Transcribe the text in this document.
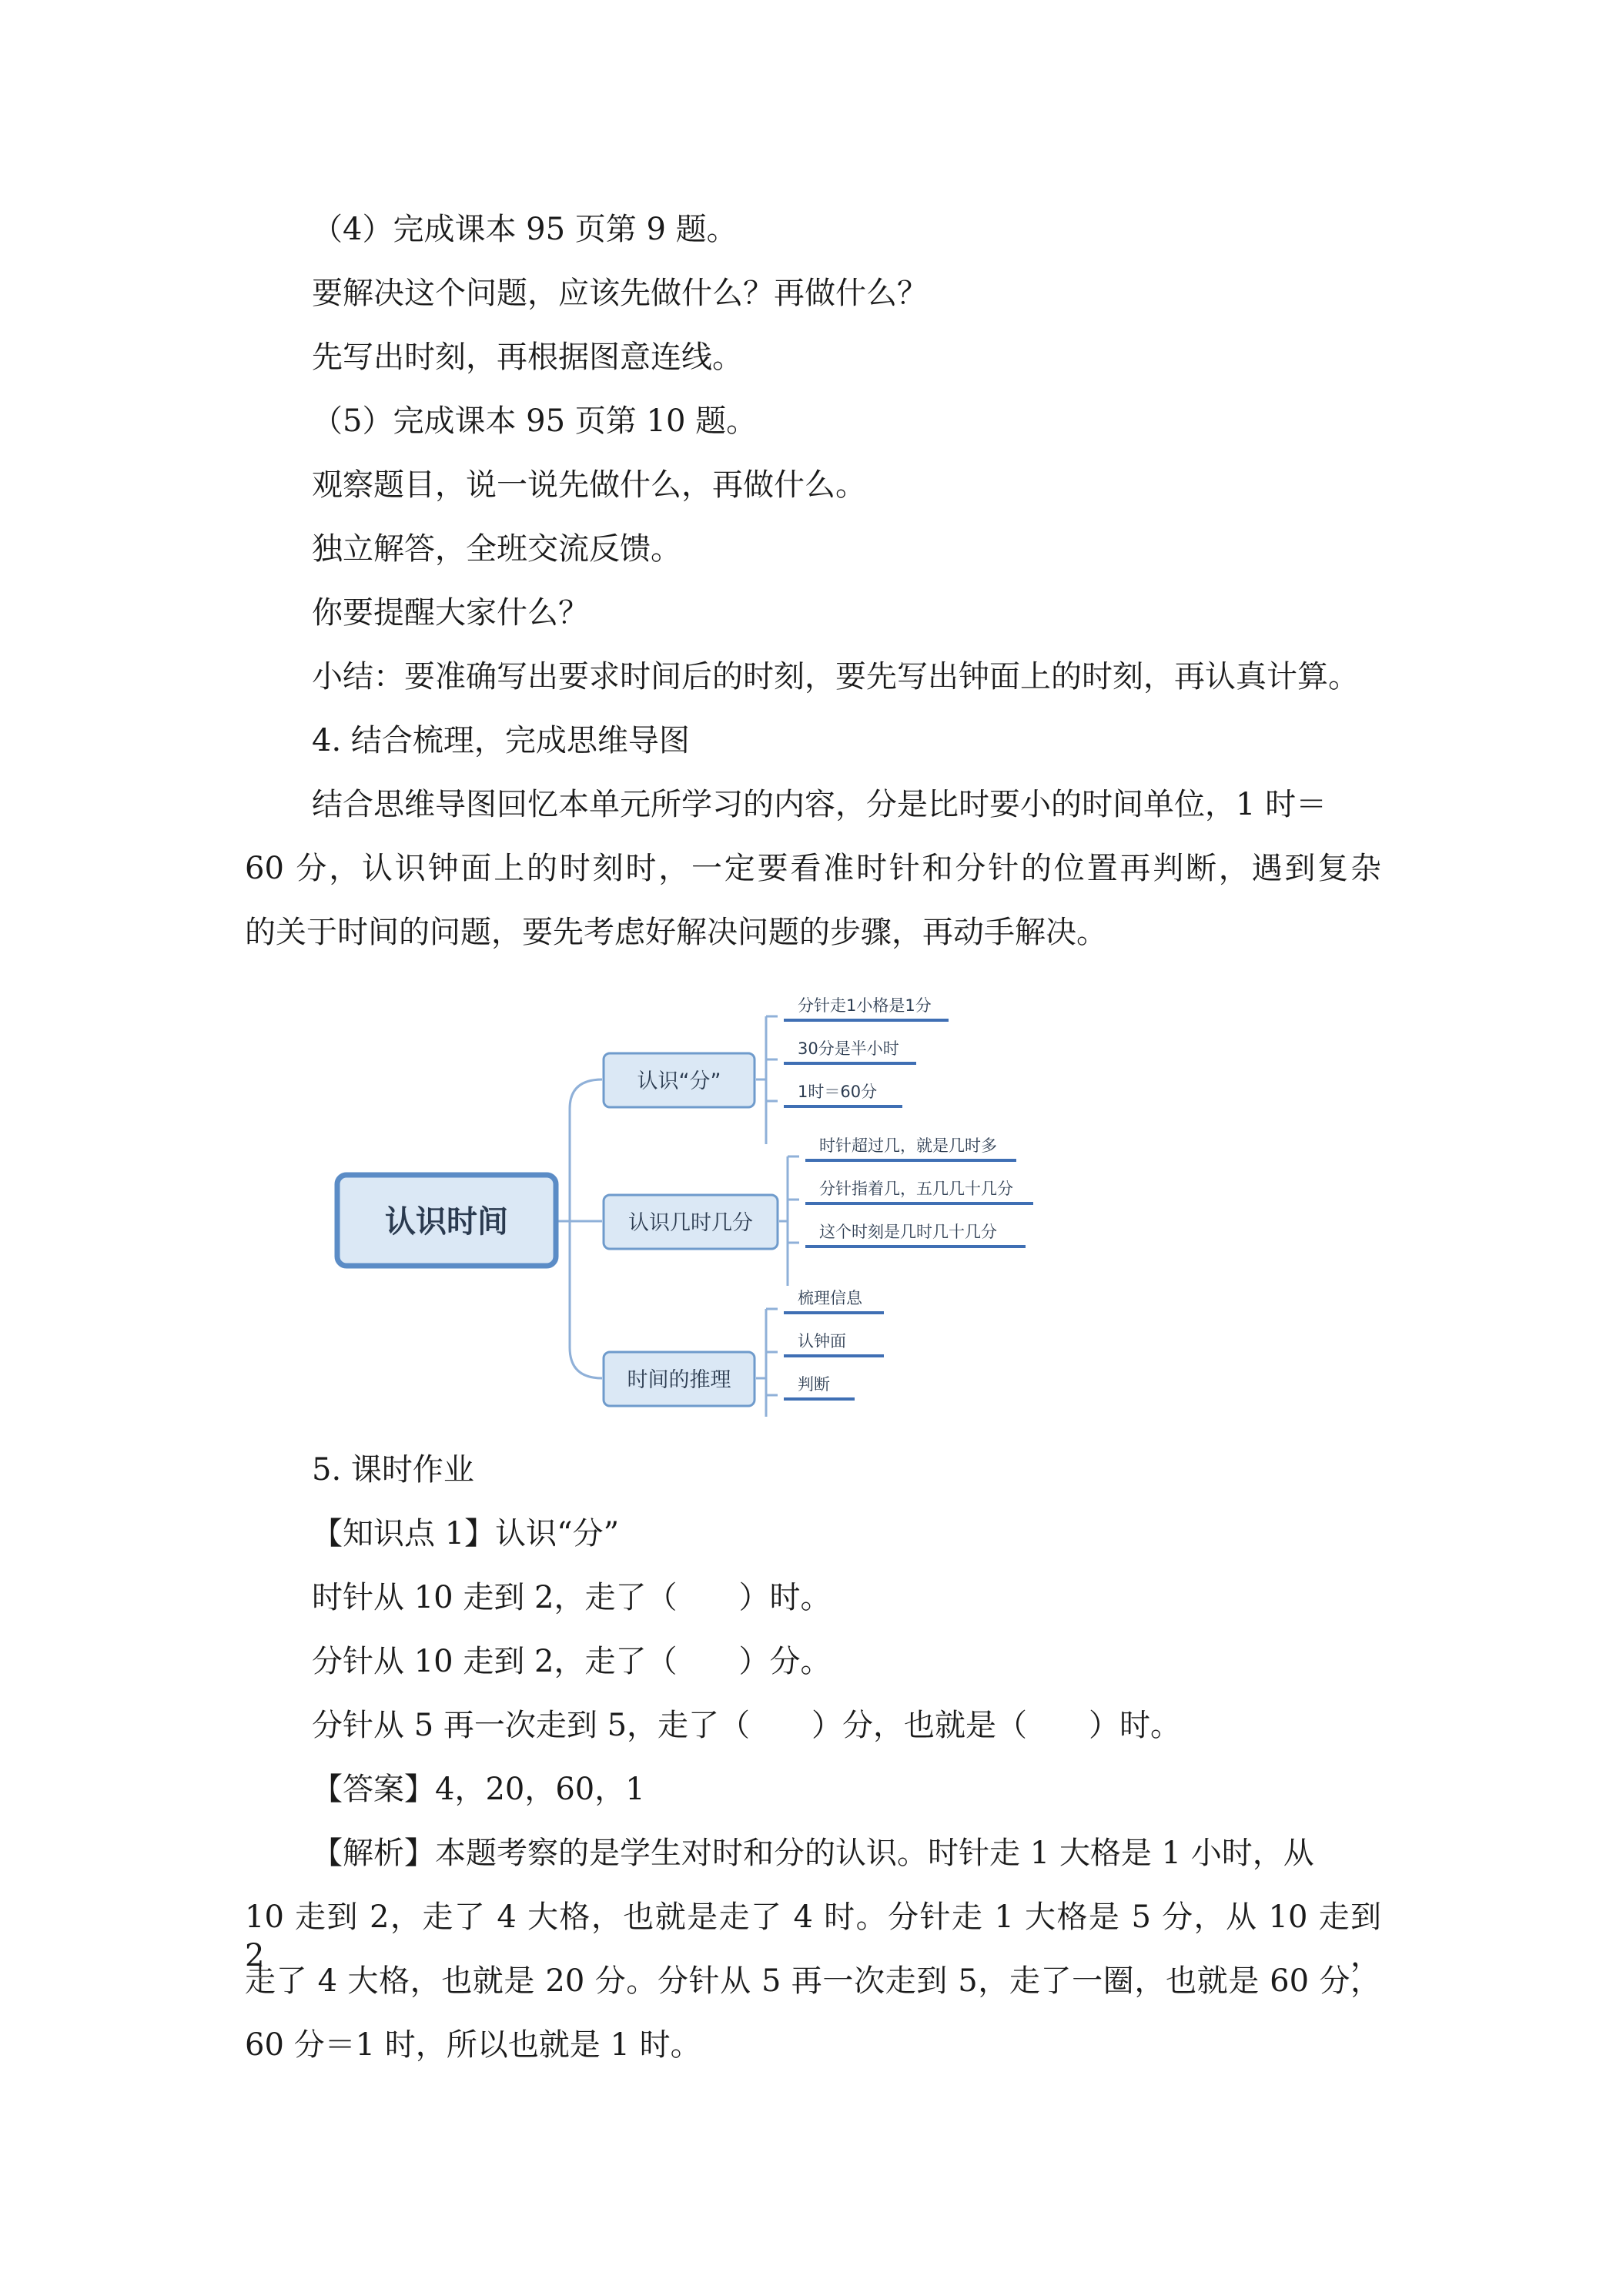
（4）完成课本 95 页第 9 题。
要解决这个问题，应该先做什么？再做什么？
先写出时刻，再根据图意连线。
（5）完成课本 95 页第 10 题。
观察题目，说一说先做什么，再做什么。
独立解答，全班交流反馈。
你要提醒大家什么？
小结：要准确写出要求时间后的时刻，要先写出钟面上的时刻，再认真计算。
4. 结合梳理，完成思维导图
结合思维导图回忆本单元所学习的内容，分是比时要小的时间单位，1 时＝
60 分，认识钟面上的时刻时，一定要看准时针和分针的位置再判断，遇到复杂
的关于时间的问题，要先考虑好解决问题的步骤，再动手解决。
认识时间
认识“分”
分针走1小格是1分
30分是半小时
1时＝60分
认识几时几分
时针超过几，就是几时多
分针指着几，五几几十几分
这个时刻是几时几十几分
时间的推理
梳理信息
认钟面
判断
5. 课时作业
【知识点 1】认识“分”
时针从 10 走到 2，走了（　　）时。
分针从 10 走到 2，走了（　　）分。
分针从 5 再一次走到 5，走了（　　）分，也就是（　　）时。
【答案】4，20，60，1
【解析】本题考察的是学生对时和分的认识。时针走 1 大格是 1 小时，从
10 走到 2，走了 4 大格，也就是走了 4 时。分针走 1 大格是 5 分，从 10 走到 2，
走了 4 大格，也就是 20 分。分针从 5 再一次走到 5，走了一圈，也就是 60 分，
60 分＝1 时，所以也就是 1 时。
